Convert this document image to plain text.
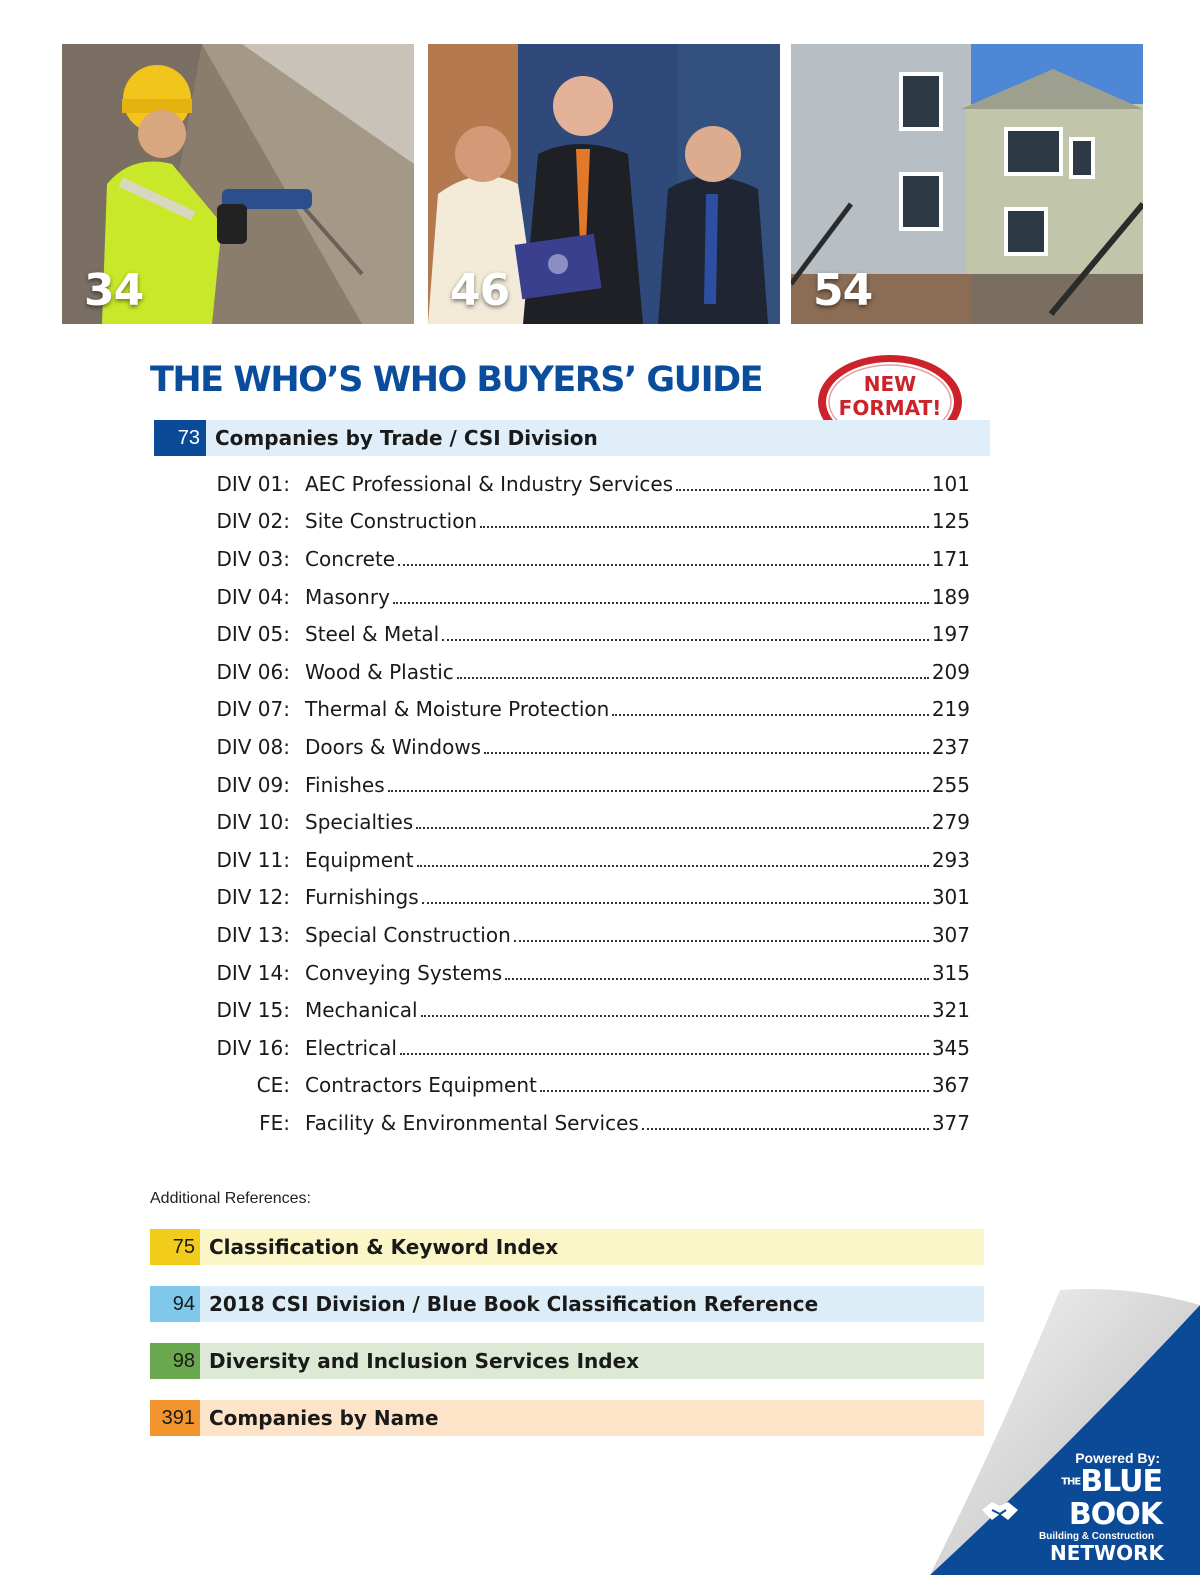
34	46	54
THE WHO’S WHO BUYERS’ GUIDE	NEW
FORMAT!
73 Companies by Trade / CSI Division
DIV 01: AEC Professional & Industry Services	101
DIV 02: Site Construction	125
DIV 03: Concrete	171
DIV 04: Masonry	189
DIV 05: Steel & Metal	197
DIV 06: Wood & Plastic	209
DIV 07: Thermal & Moisture Protection	219
DIV 08: Doors & Windows	237
DIV 09: Finishes	255
DIV 10: Specialties	279
DIV 11: Equipment	293
DIV 12: Furnishings	301
DIV 13: Special Construction	307
DIV 14: Conveying Systems	315
DIV 15: Mechanical	321
DIV 16: Electrical	345
CE: Contractors Equipment	367
FE: Facility & Environmental Services	377
Additional References:
75 Classification & Keyword Index
94 2018 CSI Division / Blue Book Classification Reference
98 Diversity and Inclusion Services Index
391 Companies by Name
Powered By:
THEBLUE BOOK
Building & Construction
NETWORK
